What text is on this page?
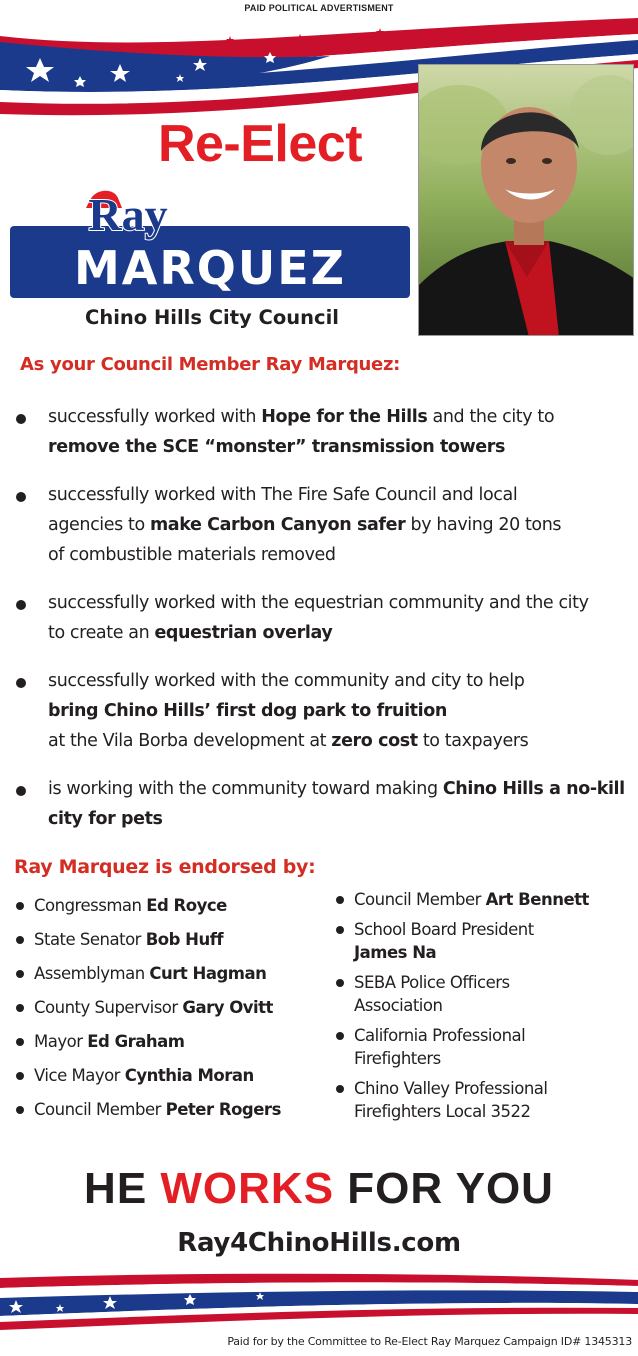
PAID POLITICAL ADVERTISMENT
Re-Elect
Ray
MARQUEZ
Chino Hills City Council
As your Council Member Ray Marquez:
successfully worked with Hope for the Hills and the city to
remove the SCE “monster” transmission towers
successfully worked with The Fire Safe Council and local agencies to make Carbon Canyon safer by having 20 tons of combustible materials removed
successfully worked with the equestrian community and the city to create an equestrian overlay
successfully worked with the community and city to help
bring Chino Hills’ first dog park to fruition
at the Vila Borba development at zero cost to taxpayers
is working with the community toward making Chino Hills a no-kill city for pets
Ray Marquez is endorsed by:
Congressman Ed Royce
State Senator Bob Huff
Assemblyman Curt Hagman
County Supervisor Gary Ovitt
Mayor Ed Graham
Vice Mayor Cynthia Moran
Council Member Peter Rogers
Council Member Art Bennett
School Board President James Na
SEBA Police Officers Association
California Professional Firefighters
Chino Valley Professional Firefighters Local 3522
HE WORKS FOR YOU
Ray4ChinoHills.com
Paid for by the Committee to Re-Elect Ray Marquez Campaign ID# 1345313
